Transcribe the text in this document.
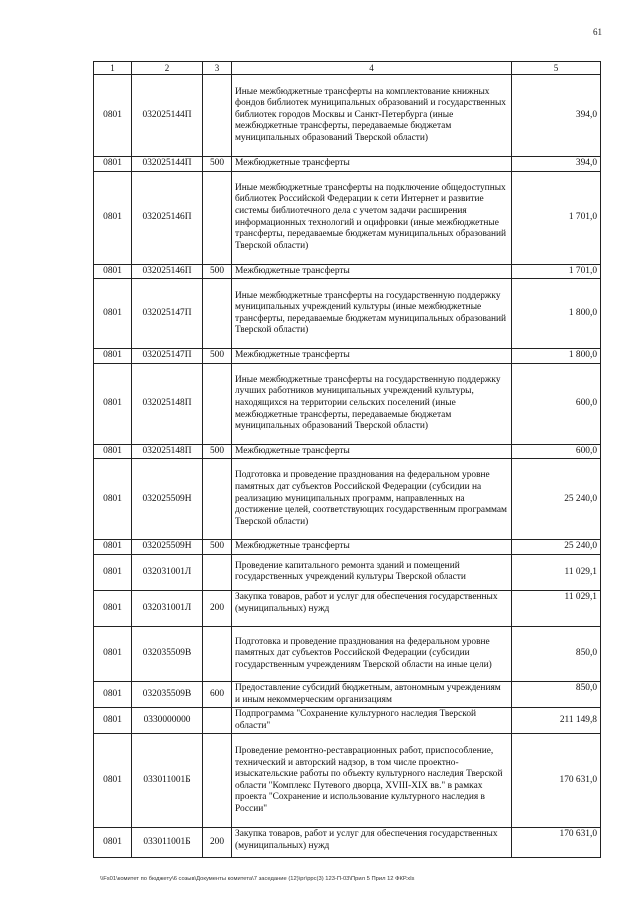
61
1	2	3	4	5
0801	032025144П		Иные межбюджетные трансферты на комплектование книжных фондов библиотек муниципальных образований и государственных библиотек городов Москвы и Санкт-Петербурга (иные межбюджетные трансферты, передаваемые бюджетам муниципальных образований Тверской области)	394,0
0801	032025144П	500	Межбюджетные трансферты	394,0
0801	032025146П		Иные межбюджетные трансферты на подключение общедоступных библиотек Российской Федерации к сети Интернет и развитие системы библиотечного дела с учетом задачи расширения информационных технологий и оцифровки (иные межбюджетные трансферты, передаваемые бюджетам муниципальных образований Тверской области)	1 701,0
0801	032025146П	500	Межбюджетные трансферты	1 701,0
0801	032025147П		Иные межбюджетные трансферты на государственную поддержку муниципальных учреждений культуры (иные межбюджетные трансферты, передаваемые бюджетам муниципальных образований Тверской области)	1 800,0
0801	032025147П	500	Межбюджетные трансферты	1 800,0
0801	032025148П		Иные межбюджетные трансферты на государственную поддержку лучших работников муниципальных учреждений культуры, находящихся на территории сельских поселений (иные межбюджетные трансферты, передаваемые бюджетам муниципальных образований Тверской области)	600,0
0801	032025148П	500	Межбюджетные трансферты	600,0
0801	032025509Н		Подготовка и проведение празднования на федеральном уровне памятных дат субъектов Российской Федерации (субсидии на реализацию муниципальных программ, направленных на достижение целей, соответствующих государственным программам Тверской области)	25 240,0
0801	032025509Н	500	Межбюджетные трансферты	25 240,0
0801	032031001Л		Проведение капитального ремонта зданий и помещений государственных учреждений культуры Тверской области	11 029,1
0801	032031001Л	200	Закупка товаров, работ и услуг для обеспечения государственных (муниципальных) нужд	11 029,1
0801	032035509В		Подготовка и проведение празднования на федеральном уровне памятных дат субъектов Российской Федерации (субсидии государственным учреждениям Тверской области на иные цели)	850,0
0801	032035509В	600	Предоставление субсидий бюджетным, автономным учреждениям и иным некоммерческим организациям	850,0
0801	0330000000		Подпрограмма "Сохранение культурного наследия Тверской области"	211 149,8
0801	033011001Б		Проведение ремонтно-реставрационных работ, приспособление, технический и авторский надзор, в том числе проектно-изыскательские работы по объекту культурного наследия Тверской области "Комплекс Путевого дворца, XVIII-XIX вв." в рамках проекта "Сохранение и использование культурного наследия в России"	170 631,0
0801	033011001Б	200	Закупка товаров, работ и услуг для обеспечения государственных (муниципальных) нужд	170 631,0
\\Fs01\комитет по бюджету\6 созыв\Документы комитета\7 заседание (12)\рг\ррс(3) 123-П-03\Прил 5 Прил 12 ФКР.xls
